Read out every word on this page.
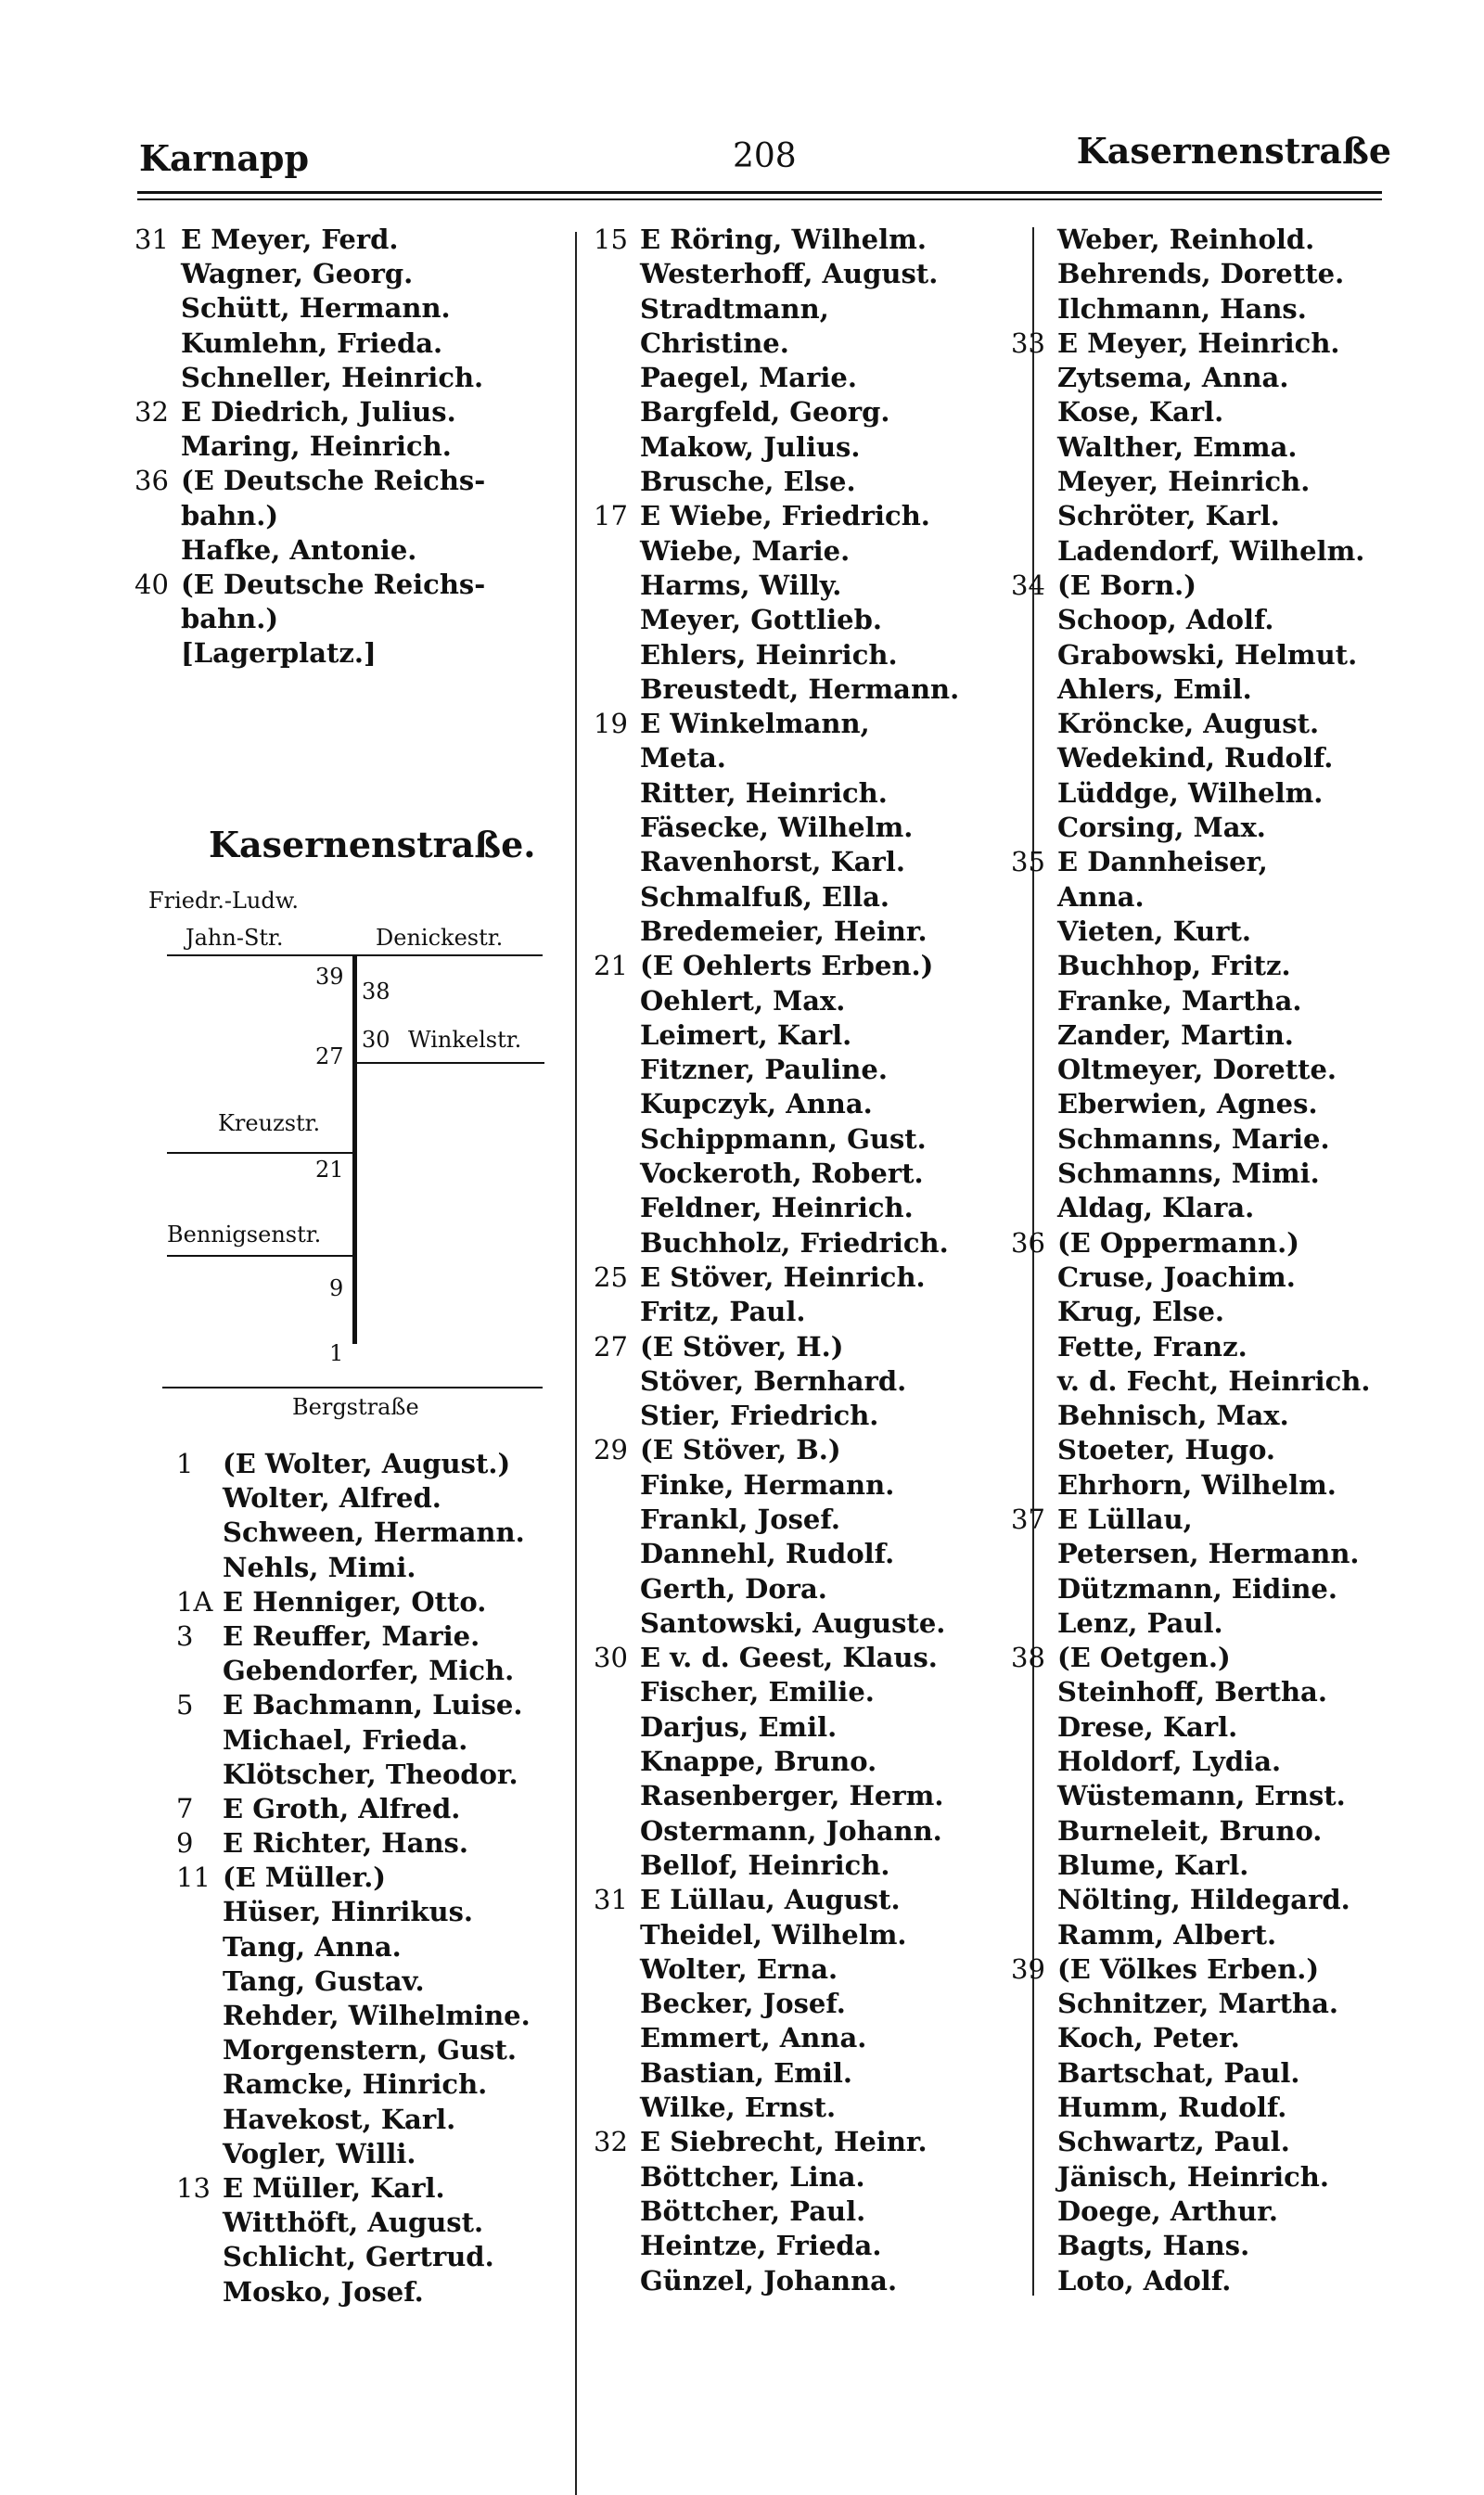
Karnapp	208	Kasernenstraße
31 E Meyer, Ferd.
Wagner, Georg.
Schütt, Hermann.
Kumlehn, Frieda.
Schneller, Heinrich.
32 E Diedrich, Julius.
Maring, Heinrich.
36 (E Deutsche Reichs-
bahn.)
Hafke, Antonie.
40 (E Deutsche Reichs-
bahn.)
[Lagerplatz.]
Kasernenstraße.
Friedr.-Ludw.
Jahn-Str.	Denickestr.
39
38
30 Winkelstr.
27
Kreuzstr.
21
Bennigsenstr.
9
1
Bergstraße
1	(E Wolter, August.)
Wolter, Alfred.
Schween, Hermann.
Nehls, Mimi.
1A E Henniger, Otto.
3	E Reuffer, Marie.
Gebendorfer, Mich.
5	E Bachmann, Luise.
Michael, Frieda.
Klötscher, Theodor.
7	E Groth, Alfred.
9	E Richter, Hans.
11 (E Müller.)
Hüser, Hinrikus.
Tang, Anna.
Tang, Gustav.
Rehder, Wilhelmine.
Morgenstern, Gust.
Ramcke, Hinrich.
Havekost, Karl.
Vogler, Willi.
13 E Müller, Karl.
Witthöft, August.
Schlicht, Gertrud.
Mosko, Josef.
15 E Röring, Wilhelm.
Westerhoff, August.
Stradtmann,
Christine.
Paegel, Marie.
Bargfeld, Georg.
Makow, Julius.
Brusche, Else.
17 E Wiebe, Friedrich.
Wiebe, Marie.
Harms, Willy.
Meyer, Gottlieb.
Ehlers, Heinrich.
Breustedt, Hermann.
19 E Winkelmann,
Meta.
Ritter, Heinrich.
Fäsecke, Wilhelm.
Ravenhorst, Karl.
Schmalfuß, Ella.
Bredemeier, Heinr.
21 (E Oehlerts Erben.)
Oehlert, Max.
Leimert, Karl.
Fitzner, Pauline.
Kupczyk, Anna.
Schippmann, Gust.
Vockeroth, Robert.
Feldner, Heinrich.
Buchholz, Friedrich.
25 E Stöver, Heinrich.
Fritz, Paul.
27 (E Stöver, H.)
Stöver, Bernhard.
Stier, Friedrich.
29 (E Stöver, B.)
Finke, Hermann.
Frankl, Josef.
Dannehl, Rudolf.
Gerth, Dora.
Santowski, Auguste.
30 E v. d. Geest, Klaus.
Fischer, Emilie.
Darjus, Emil.
Knappe, Bruno.
Rasenberger, Herm.
Ostermann, Johann.
Bellof, Heinrich.
31 E Lüllau, August.
Theidel, Wilhelm.
Wolter, Erna.
Becker, Josef.
Emmert, Anna.
Bastian, Emil.
Wilke, Ernst.
32 E Siebrecht, Heinr.
Böttcher, Lina.
Böttcher, Paul.
Heintze, Frieda.
Günzel, Johanna.
Weber, Reinhold.
Behrends, Dorette.
Ilchmann, Hans.
33 E Meyer, Heinrich.
Zytsema, Anna.
Kose, Karl.
Walther, Emma.
Meyer, Heinrich.
Schröter, Karl.
Ladendorf, Wilhelm.
34 (E Born.)
Schoop, Adolf.
Grabowski, Helmut.
Ahlers, Emil.
Kröncke, August.
Wedekind, Rudolf.
Lüddge, Wilhelm.
Corsing, Max.
35 E Dannheiser,
Anna.
Vieten, Kurt.
Buchhop, Fritz.
Franke, Martha.
Zander, Martin.
Oltmeyer, Dorette.
Eberwien, Agnes.
Schmanns, Marie.
Schmanns, Mimi.
Aldag, Klara.
36 (E Oppermann.)
Cruse, Joachim.
Krug, Else.
Fette, Franz.
v. d. Fecht, Heinrich.
Behnisch, Max.
Stoeter, Hugo.
Ehrhorn, Wilhelm.
37 E Lüllau,
Petersen, Hermann.
Dützmann, Eidine.
Lenz, Paul.
38 (E Oetgen.)
Steinhoff, Bertha.
Drese, Karl.
Holdorf, Lydia.
Wüstemann, Ernst.
Burneleit, Bruno.
Blume, Karl.
Nölting, Hildegard.
Ramm, Albert.
39 (E Völkes Erben.)
Schnitzer, Martha.
Koch, Peter.
Bartschat, Paul.
Humm, Rudolf.
Schwartz, Paul.
Jänisch, Heinrich.
Doege, Arthur.
Bagts, Hans.
Loto, Adolf.
